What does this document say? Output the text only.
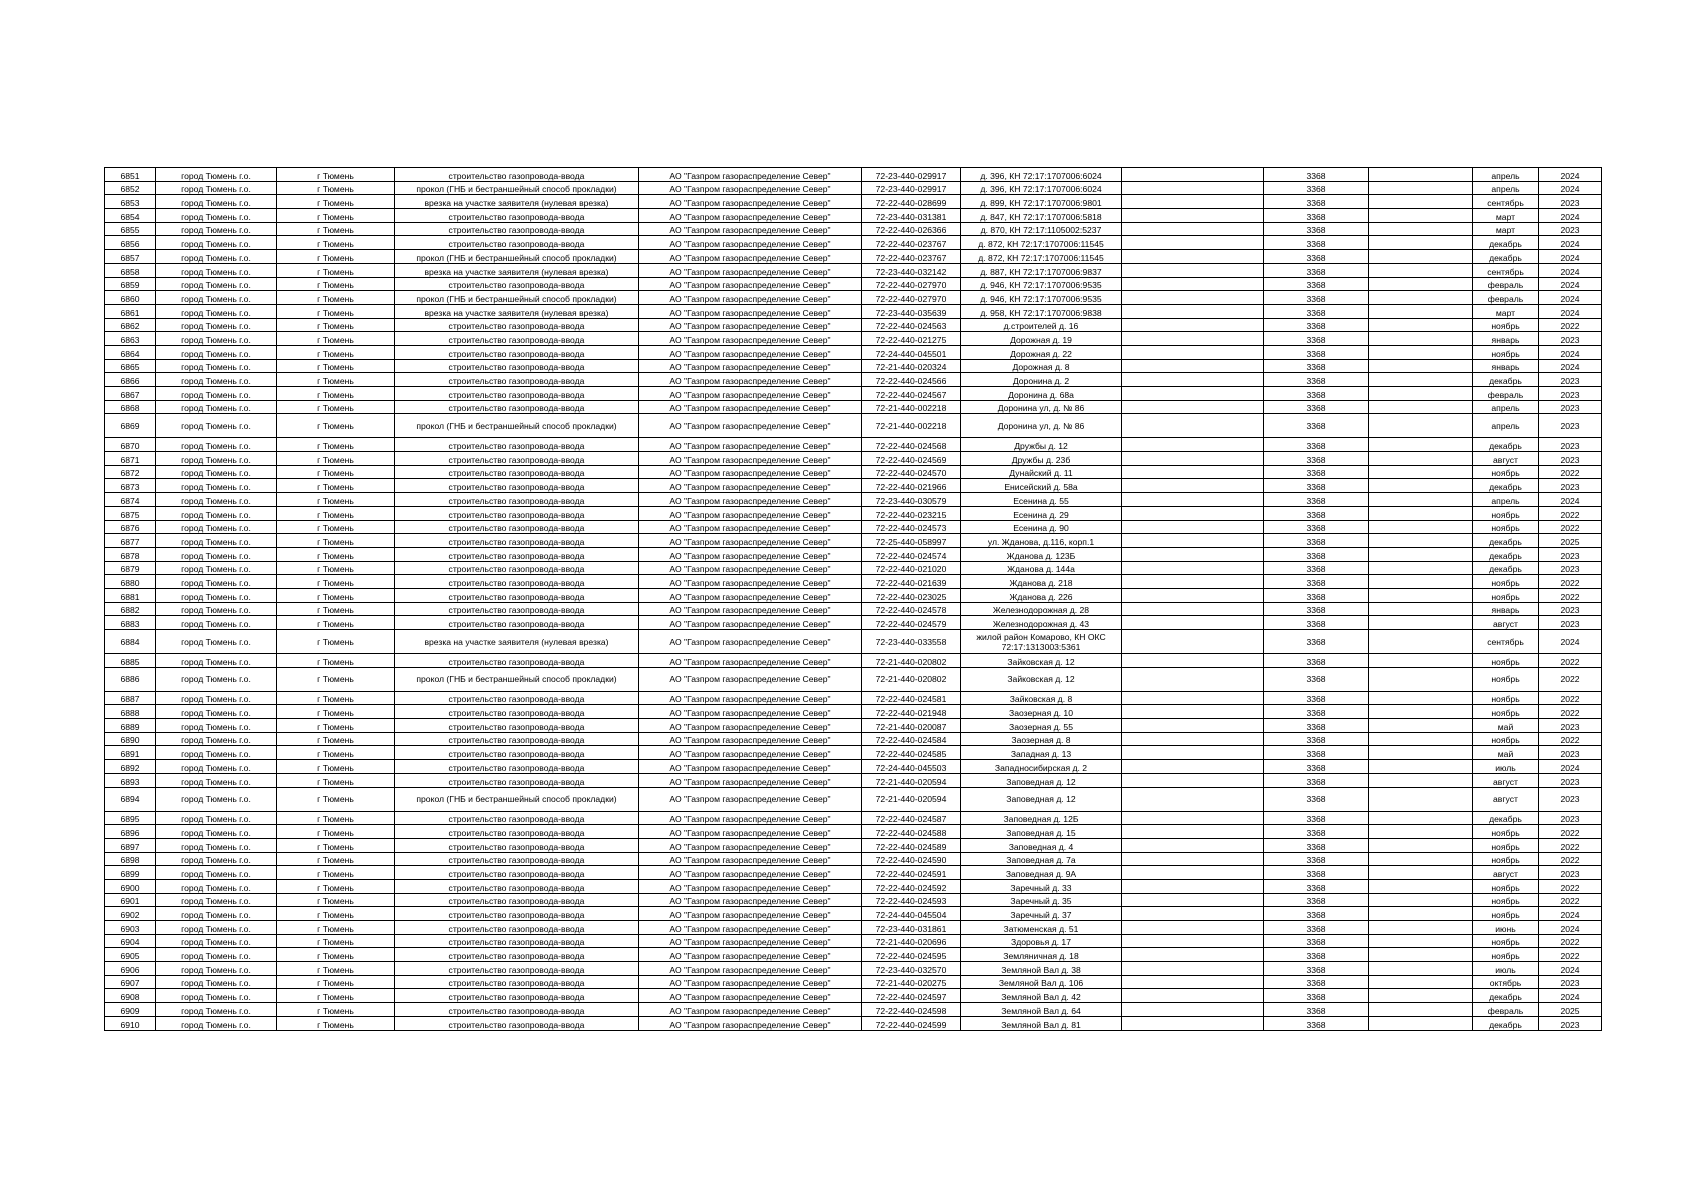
6851	город Тюмень г.о.	г Тюмень	строительство газопровода-ввода	АО "Газпром газораспределение Север"	72-23-440-029917	д. 396, КН 72:17:1707006:6024		3368		апрель	2024
6852	город Тюмень г.о.	г Тюмень	прокол (ГНБ и бестраншейный способ прокладки)	АО "Газпром газораспределение Север"	72-23-440-029917	д. 396, КН 72:17:1707006:6024		3368		апрель	2024
6853	город Тюмень г.о.	г Тюмень	врезка на участке заявителя (нулевая врезка)	АО "Газпром газораспределение Север"	72-22-440-028699	д. 899, КН 72:17:1707006:9801		3368		сентябрь	2023
6854	город Тюмень г.о.	г Тюмень	строительство газопровода-ввода	АО "Газпром газораспределение Север"	72-23-440-031381	д. 847, КН 72:17:1707006:5818		3368		март	2024
6855	город Тюмень г.о.	г Тюмень	строительство газопровода-ввода	АО "Газпром газораспределение Север"	72-22-440-026366	д. 870, КН 72:17:1105002:5237		3368		март	2023
6856	город Тюмень г.о.	г Тюмень	строительство газопровода-ввода	АО "Газпром газораспределение Север"	72-22-440-023767	д. 872, КН 72:17:1707006:11545		3368		декабрь	2024
6857	город Тюмень г.о.	г Тюмень	прокол (ГНБ и бестраншейный способ прокладки)	АО "Газпром газораспределение Север"	72-22-440-023767	д. 872, КН 72:17:1707006:11545		3368		декабрь	2024
6858	город Тюмень г.о.	г Тюмень	врезка на участке заявителя (нулевая врезка)	АО "Газпром газораспределение Север"	72-23-440-032142	д. 887, КН 72:17:1707006:9837		3368		сентябрь	2024
6859	город Тюмень г.о.	г Тюмень	строительство газопровода-ввода	АО "Газпром газораспределение Север"	72-22-440-027970	д. 946, КН 72:17:1707006:9535		3368		февраль	2024
6860	город Тюмень г.о.	г Тюмень	прокол (ГНБ и бестраншейный способ прокладки)	АО "Газпром газораспределение Север"	72-22-440-027970	д. 946, КН 72:17:1707006:9535		3368		февраль	2024
6861	город Тюмень г.о.	г Тюмень	врезка на участке заявителя (нулевая врезка)	АО "Газпром газораспределение Север"	72-23-440-035639	д. 958, КН 72:17:1707006:9838		3368		март	2024
6862	город Тюмень г.о.	г Тюмень	строительство газопровода-ввода	АО "Газпром газораспределение Север"	72-22-440-024563	д.строителей д. 16		3368		ноябрь	2022
6863	город Тюмень г.о.	г Тюмень	строительство газопровода-ввода	АО "Газпром газораспределение Север"	72-22-440-021275	Дорожная д. 19		3368		январь	2023
6864	город Тюмень г.о.	г Тюмень	строительство газопровода-ввода	АО "Газпром газораспределение Север"	72-24-440-045501	Дорожная д. 22		3368		ноябрь	2024
6865	город Тюмень г.о.	г Тюмень	строительство газопровода-ввода	АО "Газпром газораспределение Север"	72-21-440-020324	Дорожная д. 8		3368		январь	2024
6866	город Тюмень г.о.	г Тюмень	строительство газопровода-ввода	АО "Газпром газораспределение Север"	72-22-440-024566	Доронина д. 2		3368		декабрь	2023
6867	город Тюмень г.о.	г Тюмень	строительство газопровода-ввода	АО "Газпром газораспределение Север"	72-22-440-024567	Доронина д. 68а		3368		февраль	2023
6868	город Тюмень г.о.	г Тюмень	строительство газопровода-ввода	АО "Газпром газораспределение Север"	72-21-440-002218	Доронина ул, д. № 86		3368		апрель	2023
6869	город Тюмень г.о.	г Тюмень	прокол (ГНБ и бестраншейный способ прокладки)	АО "Газпром газораспределение Север"	72-21-440-002218	Доронина ул, д. № 86		3368		апрель	2023
6870	город Тюмень г.о.	г Тюмень	строительство газопровода-ввода	АО "Газпром газораспределение Север"	72-22-440-024568	Дружбы д. 12		3368		декабрь	2023
6871	город Тюмень г.о.	г Тюмень	строительство газопровода-ввода	АО "Газпром газораспределение Север"	72-22-440-024569	Дружбы д. 23б		3368		август	2023
6872	город Тюмень г.о.	г Тюмень	строительство газопровода-ввода	АО "Газпром газораспределение Север"	72-22-440-024570	Дунайский д. 11		3368		ноябрь	2022
6873	город Тюмень г.о.	г Тюмень	строительство газопровода-ввода	АО "Газпром газораспределение Север"	72-22-440-021966	Енисейский д. 58а		3368		декабрь	2023
6874	город Тюмень г.о.	г Тюмень	строительство газопровода-ввода	АО "Газпром газораспределение Север"	72-23-440-030579	Есенина д. 55		3368		апрель	2024
6875	город Тюмень г.о.	г Тюмень	строительство газопровода-ввода	АО "Газпром газораспределение Север"	72-22-440-023215	Есенина д. 29		3368		ноябрь	2022
6876	город Тюмень г.о.	г Тюмень	строительство газопровода-ввода	АО "Газпром газораспределение Север"	72-22-440-024573	Есенина д. 90		3368		ноябрь	2022
6877	город Тюмень г.о.	г Тюмень	строительство газопровода-ввода	АО "Газпром газораспределение Север"	72-25-440-058997	ул. Жданова, д.116, корп.1		3368		декабрь	2025
6878	город Тюмень г.о.	г Тюмень	строительство газопровода-ввода	АО "Газпром газораспределение Север"	72-22-440-024574	Жданова д. 123Б		3368		декабрь	2023
6879	город Тюмень г.о.	г Тюмень	строительство газопровода-ввода	АО "Газпром газораспределение Север"	72-22-440-021020	Жданова д. 144а		3368		декабрь	2023
6880	город Тюмень г.о.	г Тюмень	строительство газопровода-ввода	АО "Газпром газораспределение Север"	72-22-440-021639	Жданова д. 218		3368		ноябрь	2022
6881	город Тюмень г.о.	г Тюмень	строительство газопровода-ввода	АО "Газпром газораспределение Север"	72-22-440-023025	Жданова д. 226		3368		ноябрь	2022
6882	город Тюмень г.о.	г Тюмень	строительство газопровода-ввода	АО "Газпром газораспределение Север"	72-22-440-024578	Железнодорожная д. 28		3368		январь	2023
6883	город Тюмень г.о.	г Тюмень	строительство газопровода-ввода	АО "Газпром газораспределение Север"	72-22-440-024579	Железнодорожная д. 43		3368		август	2023
6884	город Тюмень г.о.	г Тюмень	врезка на участке заявителя (нулевая врезка)	АО "Газпром газораспределение Север"	72-23-440-033558	жилой район Комарово, КН ОКС 72:17:1313003:5361		3368		сентябрь	2024
6885	город Тюмень г.о.	г Тюмень	строительство газопровода-ввода	АО "Газпром газораспределение Север"	72-21-440-020802	Зайковская д. 12		3368		ноябрь	2022
6886	город Тюмень г.о.	г Тюмень	прокол (ГНБ и бестраншейный способ прокладки)	АО "Газпром газораспределение Север"	72-21-440-020802	Зайковская д. 12		3368		ноябрь	2022
6887	город Тюмень г.о.	г Тюмень	строительство газопровода-ввода	АО "Газпром газораспределение Север"	72-22-440-024581	Зайковская д. 8		3368		ноябрь	2022
6888	город Тюмень г.о.	г Тюмень	строительство газопровода-ввода	АО "Газпром газораспределение Север"	72-22-440-021948	Заозерная д. 10		3368		ноябрь	2022
6889	город Тюмень г.о.	г Тюмень	строительство газопровода-ввода	АО "Газпром газораспределение Север"	72-21-440-020087	Заозерная д. 55		3368		май	2023
6890	город Тюмень г.о.	г Тюмень	строительство газопровода-ввода	АО "Газпром газораспределение Север"	72-22-440-024584	Заозерная д. 8		3368		ноябрь	2022
6891	город Тюмень г.о.	г Тюмень	строительство газопровода-ввода	АО "Газпром газораспределение Север"	72-22-440-024585	Западная д. 13		3368		май	2023
6892	город Тюмень г.о.	г Тюмень	строительство газопровода-ввода	АО "Газпром газораспределение Север"	72-24-440-045503	Западносибирская д. 2		3368		июль	2024
6893	город Тюмень г.о.	г Тюмень	строительство газопровода-ввода	АО "Газпром газораспределение Север"	72-21-440-020594	Заповедная д. 12		3368		август	2023
6894	город Тюмень г.о.	г Тюмень	прокол (ГНБ и бестраншейный способ прокладки)	АО "Газпром газораспределение Север"	72-21-440-020594	Заповедная д. 12		3368		август	2023
6895	город Тюмень г.о.	г Тюмень	строительство газопровода-ввода	АО "Газпром газораспределение Север"	72-22-440-024587	Заповедная д. 12Б		3368		декабрь	2023
6896	город Тюмень г.о.	г Тюмень	строительство газопровода-ввода	АО "Газпром газораспределение Север"	72-22-440-024588	Заповедная д. 15		3368		ноябрь	2022
6897	город Тюмень г.о.	г Тюмень	строительство газопровода-ввода	АО "Газпром газораспределение Север"	72-22-440-024589	Заповедная д. 4		3368		ноябрь	2022
6898	город Тюмень г.о.	г Тюмень	строительство газопровода-ввода	АО "Газпром газораспределение Север"	72-22-440-024590	Заповедная д. 7а		3368		ноябрь	2022
6899	город Тюмень г.о.	г Тюмень	строительство газопровода-ввода	АО "Газпром газораспределение Север"	72-22-440-024591	Заповедная д. 9А		3368		август	2023
6900	город Тюмень г.о.	г Тюмень	строительство газопровода-ввода	АО "Газпром газораспределение Север"	72-22-440-024592	Заречный д. 33		3368		ноябрь	2022
6901	город Тюмень г.о.	г Тюмень	строительство газопровода-ввода	АО "Газпром газораспределение Север"	72-22-440-024593	Заречный д. 35		3368		ноябрь	2022
6902	город Тюмень г.о.	г Тюмень	строительство газопровода-ввода	АО "Газпром газораспределение Север"	72-24-440-045504	Заречный д. 37		3368		ноябрь	2024
6903	город Тюмень г.о.	г Тюмень	строительство газопровода-ввода	АО "Газпром газораспределение Север"	72-23-440-031861	Затюменская д. 51		3368		июнь	2024
6904	город Тюмень г.о.	г Тюмень	строительство газопровода-ввода	АО "Газпром газораспределение Север"	72-21-440-020696	Здоровья д. 17		3368		ноябрь	2022
6905	город Тюмень г.о.	г Тюмень	строительство газопровода-ввода	АО "Газпром газораспределение Север"	72-22-440-024595	Земляничная д. 18		3368		ноябрь	2022
6906	город Тюмень г.о.	г Тюмень	строительство газопровода-ввода	АО "Газпром газораспределение Север"	72-23-440-032570	Земляной Вал д. 38		3368		июль	2024
6907	город Тюмень г.о.	г Тюмень	строительство газопровода-ввода	АО "Газпром газораспределение Север"	72-21-440-020275	Земляной Вал д. 106		3368		октябрь	2023
6908	город Тюмень г.о.	г Тюмень	строительство газопровода-ввода	АО "Газпром газораспределение Север"	72-22-440-024597	Земляной Вал д. 42		3368		декабрь	2024
6909	город Тюмень г.о.	г Тюмень	строительство газопровода-ввода	АО "Газпром газораспределение Север"	72-22-440-024598	Земляной Вал д. 64		3368		февраль	2025
6910	город Тюмень г.о.	г Тюмень	строительство газопровода-ввода	АО "Газпром газораспределение Север"	72-22-440-024599	Земляной Вал д. 81		3368		декабрь	2023
